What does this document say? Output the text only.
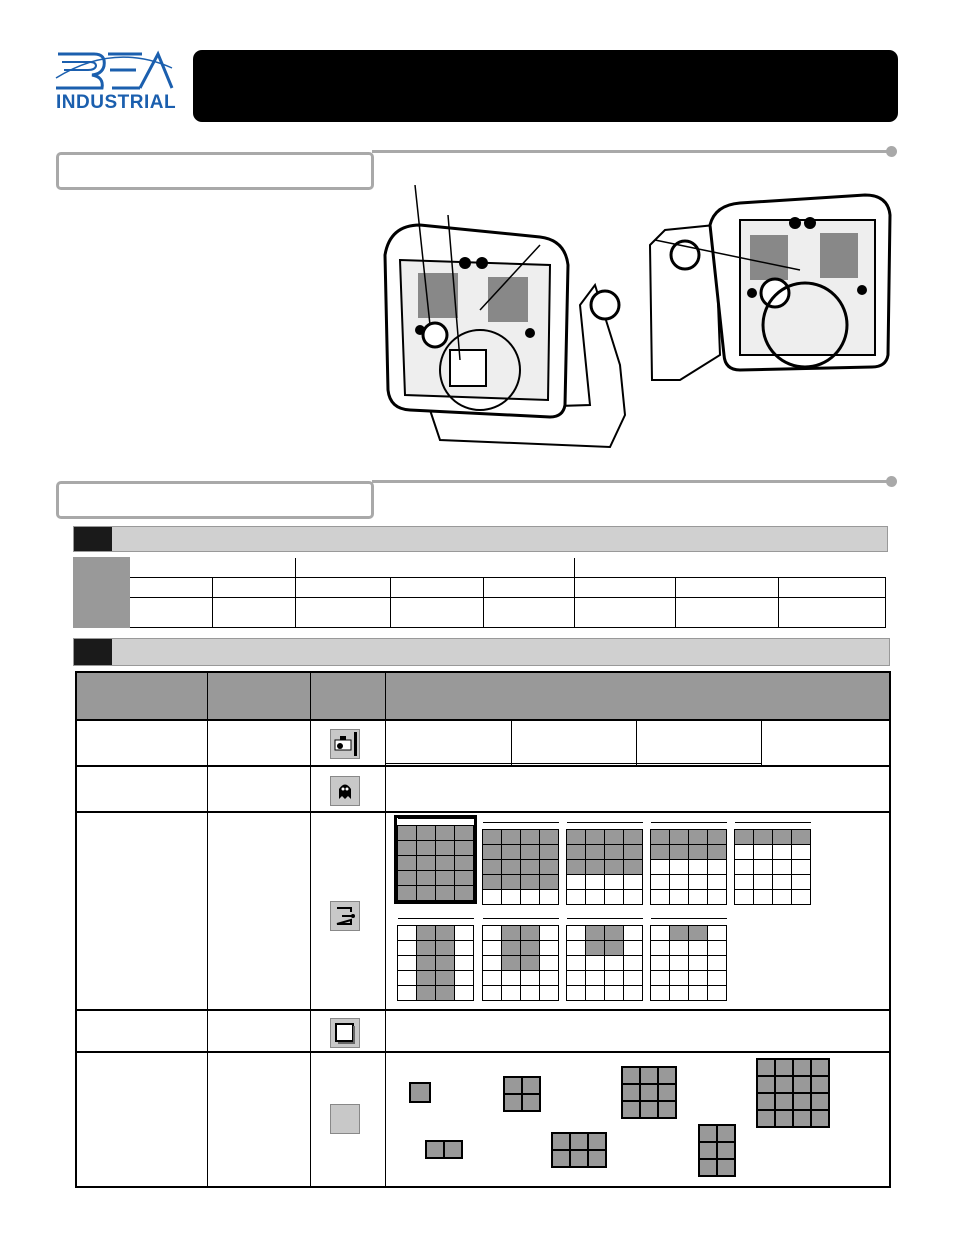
INDUSTRIAL
